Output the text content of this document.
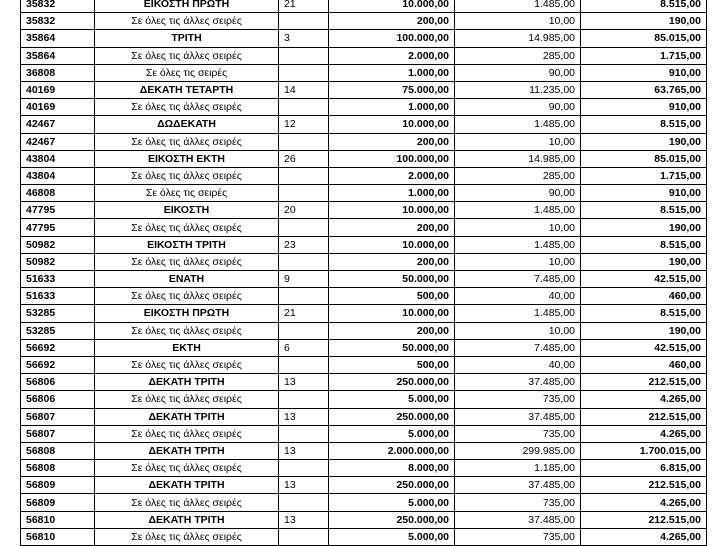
35832	ΕΙΚΟΣΤΗ ΠΡΩΤΗ	21	10.000,00	1.485,00	8.515,00
35832	Σε όλες τις άλλες σειρές		200,00	10,00	190,00
35864	ΤΡΙΤΗ	3	100.000,00	14.985,00	85.015,00
35864	Σε όλες τις άλλες σειρές		2.000,00	285,00	1.715,00
36808	Σε όλες τις σειρές		1.000,00	90,00	910,00
40169	ΔΕΚΑΤΗ ΤΕΤΑΡΤΗ	14	75.000,00	11.235,00	63.765,00
40169	Σε όλες τις άλλες σειρές		1.000,00	90,00	910,00
42467	ΔΩΔΕΚΑΤΗ	12	10.000,00	1.485,00	8.515,00
42467	Σε όλες τις άλλες σειρές		200,00	10,00	190,00
43804	ΕΙΚΟΣΤΗ ΕΚΤΗ	26	100.000,00	14.985,00	85.015,00
43804	Σε όλες τις άλλες σειρές		2.000,00	285,00	1.715,00
46808	Σε όλες τις σειρές		1.000,00	90,00	910,00
47795	ΕΙΚΟΣΤΗ	20	10.000,00	1.485,00	8.515,00
47795	Σε όλες τις άλλες σειρές		200,00	10,00	190,00
50982	ΕΙΚΟΣΤΗ ΤΡΙΤΗ	23	10.000,00	1.485,00	8.515,00
50982	Σε όλες τις άλλες σειρές		200,00	10,00	190,00
51633	ΕΝΑΤΗ	9	50.000,00	7.485,00	42.515,00
51633	Σε όλες τις άλλες σειρές		500,00	40,00	460,00
53285	ΕΙΚΟΣΤΗ ΠΡΩΤΗ	21	10.000,00	1.485,00	8.515,00
53285	Σε όλες τις άλλες σειρές		200,00	10,00	190,00
56692	ΕΚΤΗ	6	50.000,00	7.485,00	42.515,00
56692	Σε όλες τις άλλες σειρές		500,00	40,00	460,00
56806	ΔΕΚΑΤΗ ΤΡΙΤΗ	13	250.000,00	37.485,00	212.515,00
56806	Σε όλες τις άλλες σειρές		5.000,00	735,00	4.265,00
56807	ΔΕΚΑΤΗ ΤΡΙΤΗ	13	250.000,00	37.485,00	212.515,00
56807	Σε όλες τις άλλες σειρές		5.000,00	735,00	4.265,00
56808	ΔΕΚΑΤΗ ΤΡΙΤΗ	13	2.000.000,00	299.985,00	1.700.015,00
56808	Σε όλες τις άλλες σειρές		8.000,00	1.185,00	6.815,00
56809	ΔΕΚΑΤΗ ΤΡΙΤΗ	13	250.000,00	37.485,00	212.515,00
56809	Σε όλες τις άλλες σειρές		5.000,00	735,00	4.265,00
56810	ΔΕΚΑΤΗ ΤΡΙΤΗ	13	250.000,00	37.485,00	212.515,00
56810	Σε όλες τις άλλες σειρές		5.000,00	735,00	4.265,00
